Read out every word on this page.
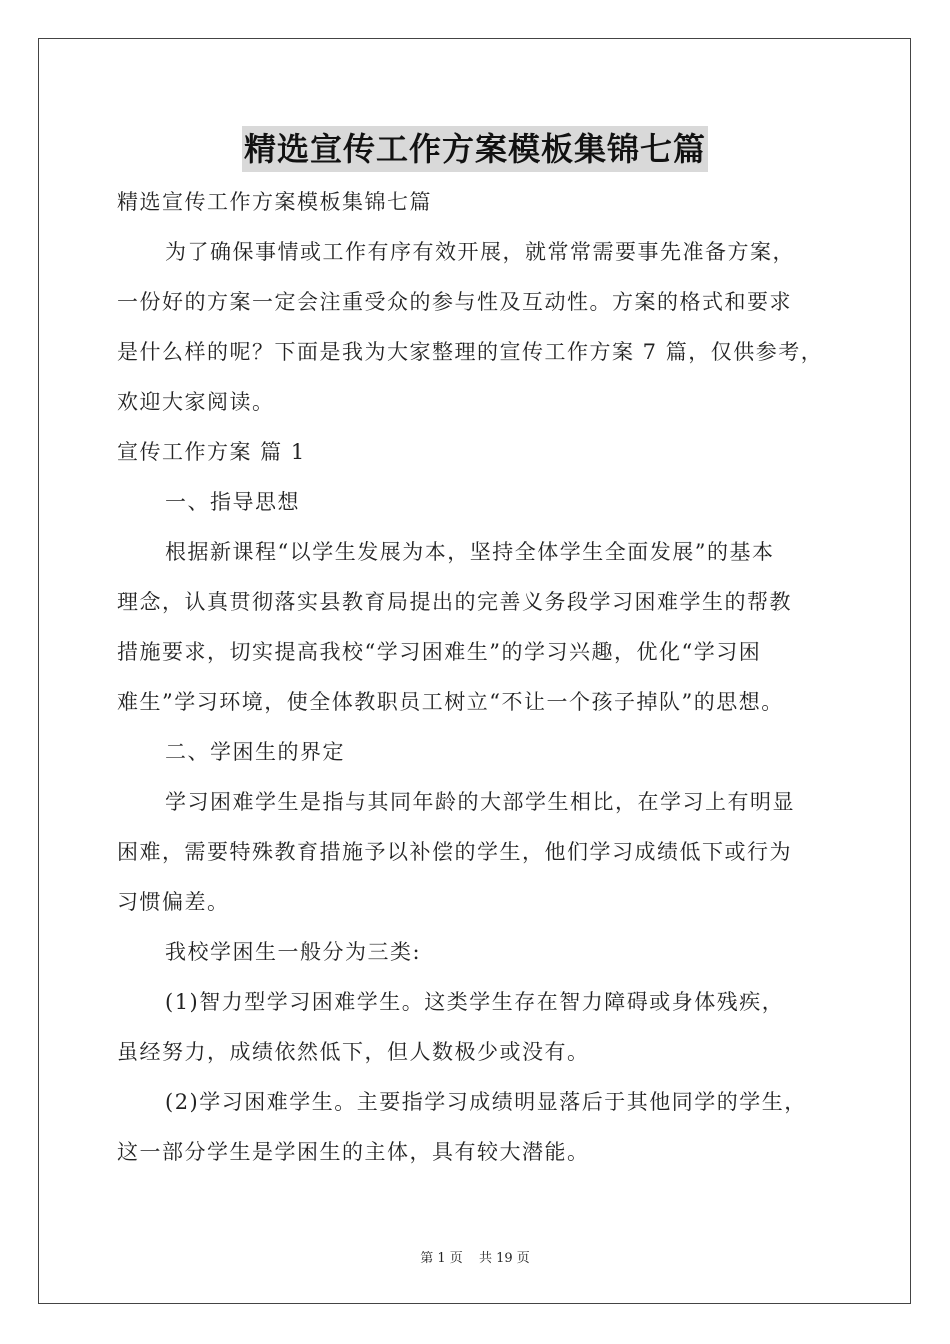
精选宣传工作方案模板集锦七篇

精选宣传工作方案模板集锦七篇

为了确保事情或工作有序有效开展，就常常需要事先准备方案，

一份好的方案一定会注重受众的参与性及互动性。方案的格式和要求

是什么样的呢？下面是我为大家整理的宣传工作方案 7 篇，仅供参考，

欢迎大家阅读。

宣传工作方案 篇 1

一、指导思想

根据新课程“以学生发展为本，坚持全体学生全面发展”的基本

理念，认真贯彻落实县教育局提出的完善义务段学习困难学生的帮教

措施要求，切实提高我校“学习困难生”的学习兴趣，优化“学习困

难生”学习环境，使全体教职员工树立“不让一个孩子掉队”的思想。

二、学困生的界定

学习困难学生是指与其同年龄的大部学生相比，在学习上有明显

困难，需要特殊教育措施予以补偿的学生，他们学习成绩低下或行为

习惯偏差。

我校学困生一般分为三类:

(1)智力型学习困难学生。这类学生存在智力障碍或身体残疾，

虽经努力，成绩依然低下，但人数极少或没有。

(2)学习困难学生。主要指学习成绩明显落后于其他同学的学生，

这一部分学生是学困生的主体，具有较大潜能。

第 1 页 共 19 页
